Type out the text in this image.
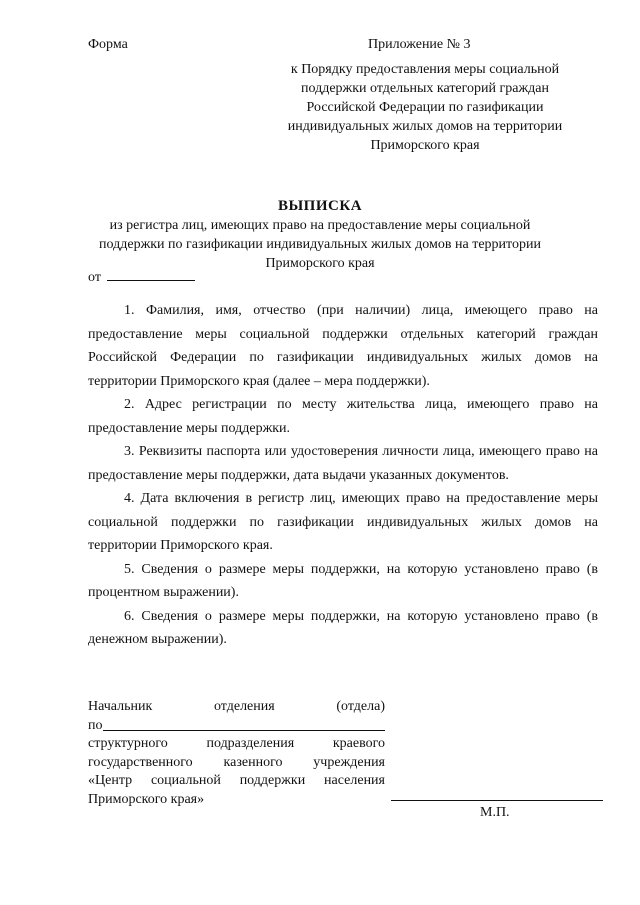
Форма	Приложение № 3
к Порядку предоставления меры социальной
поддержки отдельных категорий граждан
Российской Федерации по газификации
индивидуальных жилых домов на территории
Приморского края
ВЫПИСКА
из регистра лиц, имеющих право на предоставление меры социальной
поддержки по газификации индивидуальных жилых домов на территории
Приморского края
от

1. Фамилия, имя, отчество (при наличии) лица, имеющего право на предоставление меры социальной поддержки отдельных категорий граждан Российской Федерации по газификации индивидуальных жилых домов на территории Приморского края (далее – мера поддержки).

2. Адрес регистрации по месту жительства лица, имеющего право на предоставление меры поддержки.

3. Реквизиты паспорта или удостоверения личности лица, имеющего право на предоставление меры поддержки, дата выдачи указанных документов.

4. Дата включения в регистр лиц, имеющих право на предоставление меры социальной поддержки по газификации индивидуальных жилых домов на территории Приморского края.

5. Сведения о размере меры поддержки, на которую установлено право (в процентном выражении).

6. Сведения о размере меры поддержки, на которую установлено право (в денежном выражении).

Начальник	отделения	(отдела)
по
структурного подразделения краевого
государственного казенного учреждения
«Центр социальной поддержки населения
Приморского края»
М.П.
